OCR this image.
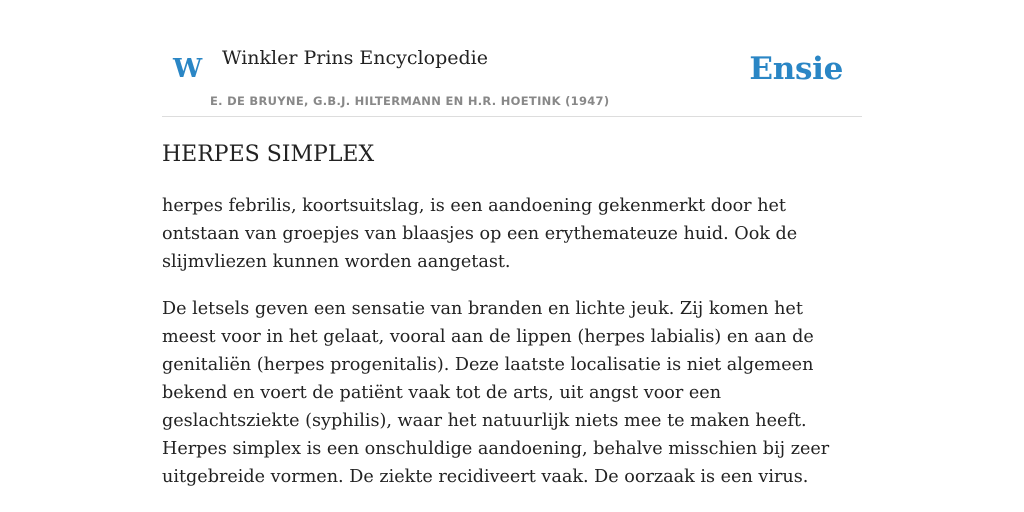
W Winkler Prins Encyclopedie
E. DE BRUYNE, G.B.J. HILTERMANN EN H.R. HOETINK (1947)
Ensie
HERPES SIMPLEX

herpes febrilis, koortsuitslag, is een aandoening gekenmerkt door het ontstaan van groepjes van blaasjes op een erythemateuze huid. Ook de slijmvliezen kunnen worden aangetast.

De letsels geven een sensatie van branden en lichte jeuk. Zij komen het meest voor in het gelaat, vooral aan de lippen (herpes labialis) en aan de genitaliën (herpes progenitalis). Deze laatste localisatie is niet algemeen bekend en voert de patiënt vaak tot de arts, uit angst voor een geslachtsziekte (syphilis), waar het natuurlijk niets mee te maken heeft. Herpes simplex is een onschuldige aandoening, behalve misschien bij zeer uitgebreide vormen. De ziekte recidiveert vaak. De oorzaak is een virus.
